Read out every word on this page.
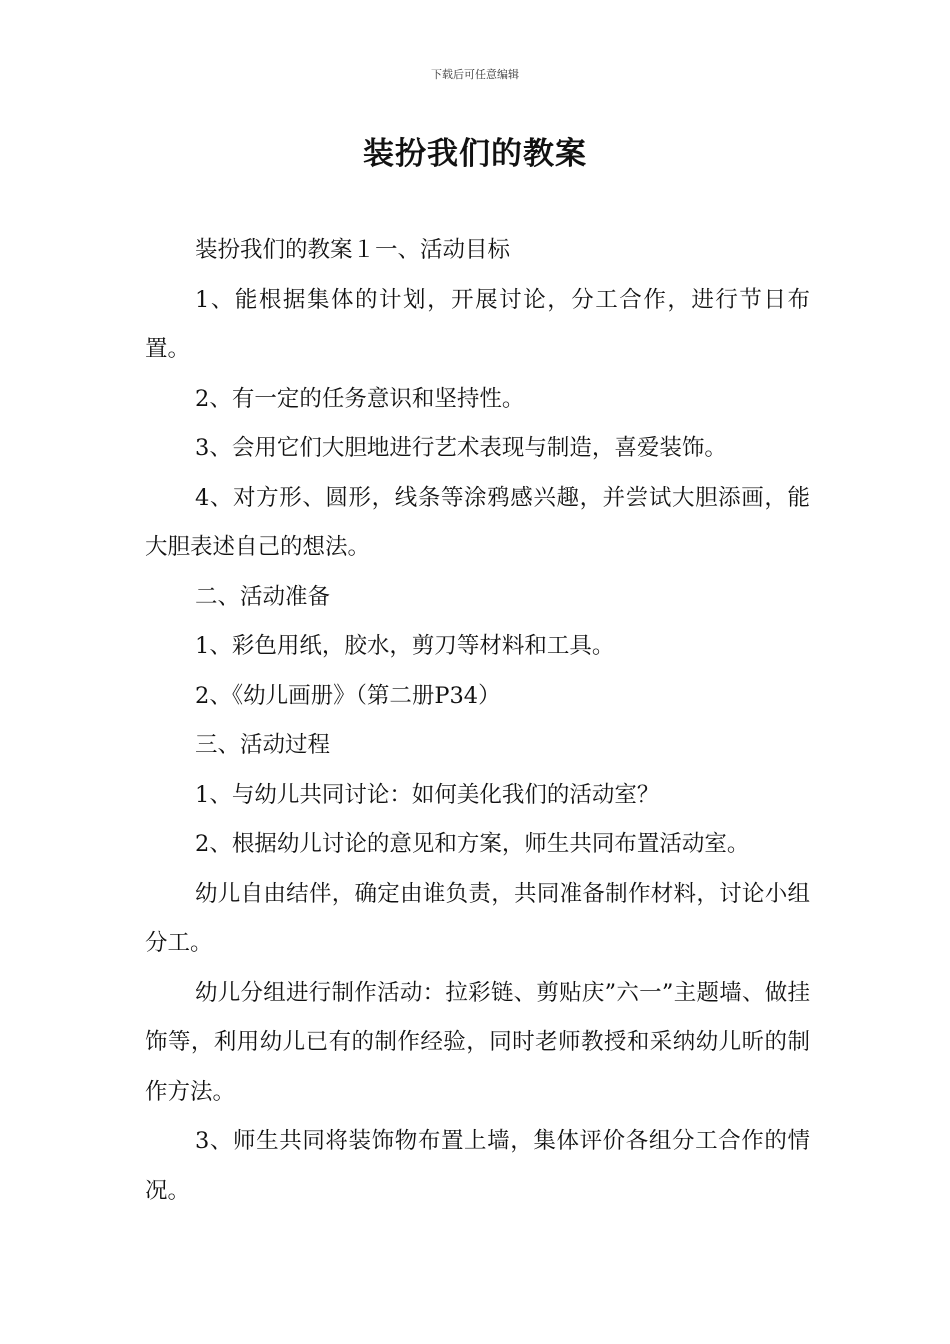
下载后可任意编辑
装扮我们的教案

装扮我们的教案１一、活动目标

1、能根据集体的计划，开展讨论，分工合作，进行节日布置。

2、有一定的任务意识和坚持性。

3、会用它们大胆地进行艺术表现与制造，喜爱装饰。

4、对方形、圆形，线条等涂鸦感兴趣，并尝试大胆添画，能大胆表述自己的想法。

二、活动准备

1、彩色用纸，胶水，剪刀等材料和工具。

2、《幼儿画册》（第二册P34）

三、活动过程

1、与幼儿共同讨论：如何美化我们的活动室？

2、根据幼儿讨论的意见和方案，师生共同布置活动室。

幼儿自由结伴，确定由谁负责，共同准备制作材料，讨论小组分工。

幼儿分组进行制作活动：拉彩链、剪贴庆”六一”主题墙、做挂饰等，利用幼儿已有的制作经验，同时老师教授和采纳幼儿昕的制作方法。

3、师生共同将装饰物布置上墙，集体评价各组分工合作的情况。
